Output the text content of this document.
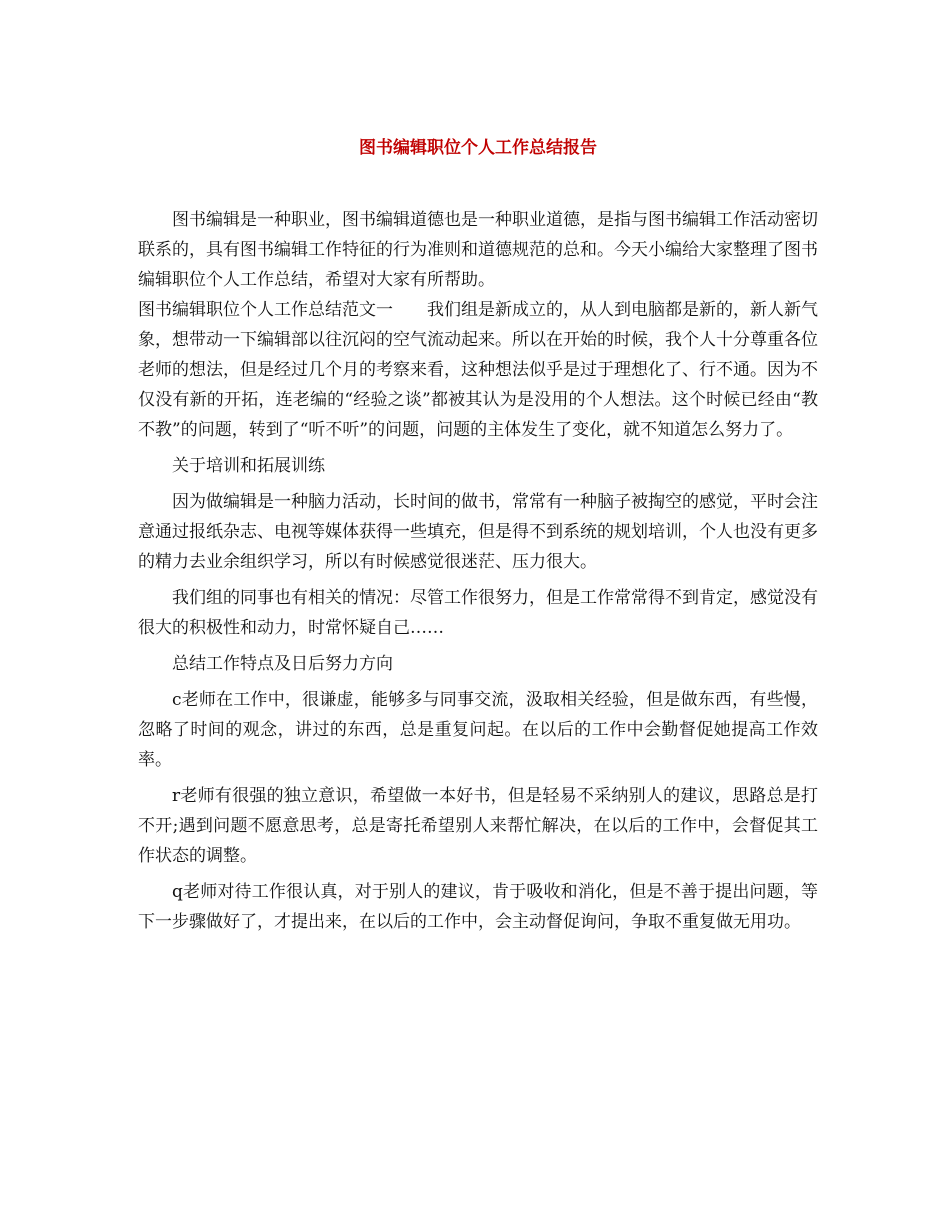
图书编辑职位个人工作总结报告

图书编辑是一种职业，图书编辑道德也是一种职业道德，是指与图书编辑工作活动密切联系的，具有图书编辑工作特征的行为准则和道德规范的总和。今天小编给大家整理了图书编辑职位个人工作总结，希望对大家有所帮助。

图书编辑职位个人工作总结范文一 我们组是新成立的，从人到电脑都是新的，新人新气象，想带动一下编辑部以往沉闷的空气流动起来。所以在开始的时候，我个人十分尊重各位老师的想法，但是经过几个月的考察来看，这种想法似乎是过于理想化了、行不通。因为不仅没有新的开拓，连老编的“经验之谈”都被其认为是没用的个人想法。这个时候已经由“教不教”的问题，转到了“听不听”的问题，问题的主体发生了变化，就不知道怎么努力了。

关于培训和拓展训练

因为做编辑是一种脑力活动，长时间的做书，常常有一种脑子被掏空的感觉，平时会注意通过报纸杂志、电视等媒体获得一些填充，但是得不到系统的规划培训，个人也没有更多的精力去业余组织学习，所以有时候感觉很迷茫、压力很大。

我们组的同事也有相关的情况：尽管工作很努力，但是工作常常得不到肯定，感觉没有很大的积极性和动力，时常怀疑自己……

总结工作特点及日后努力方向

c老师在工作中，很谦虚，能够多与同事交流，汲取相关经验，但是做东西，有些慢，忽略了时间的观念，讲过的东西，总是重复问起。在以后的工作中会勤督促她提高工作效率。

r老师有很强的独立意识，希望做一本好书，但是轻易不采纳别人的建议，思路总是打不开;遇到问题不愿意思考，总是寄托希望别人来帮忙解决，在以后的工作中，会督促其工作状态的调整。

q老师对待工作很认真，对于别人的建议，肯于吸收和消化，但是不善于提出问题，等下一步骤做好了，才提出来，在以后的工作中，会主动督促询问，争取不重复做无用功。
